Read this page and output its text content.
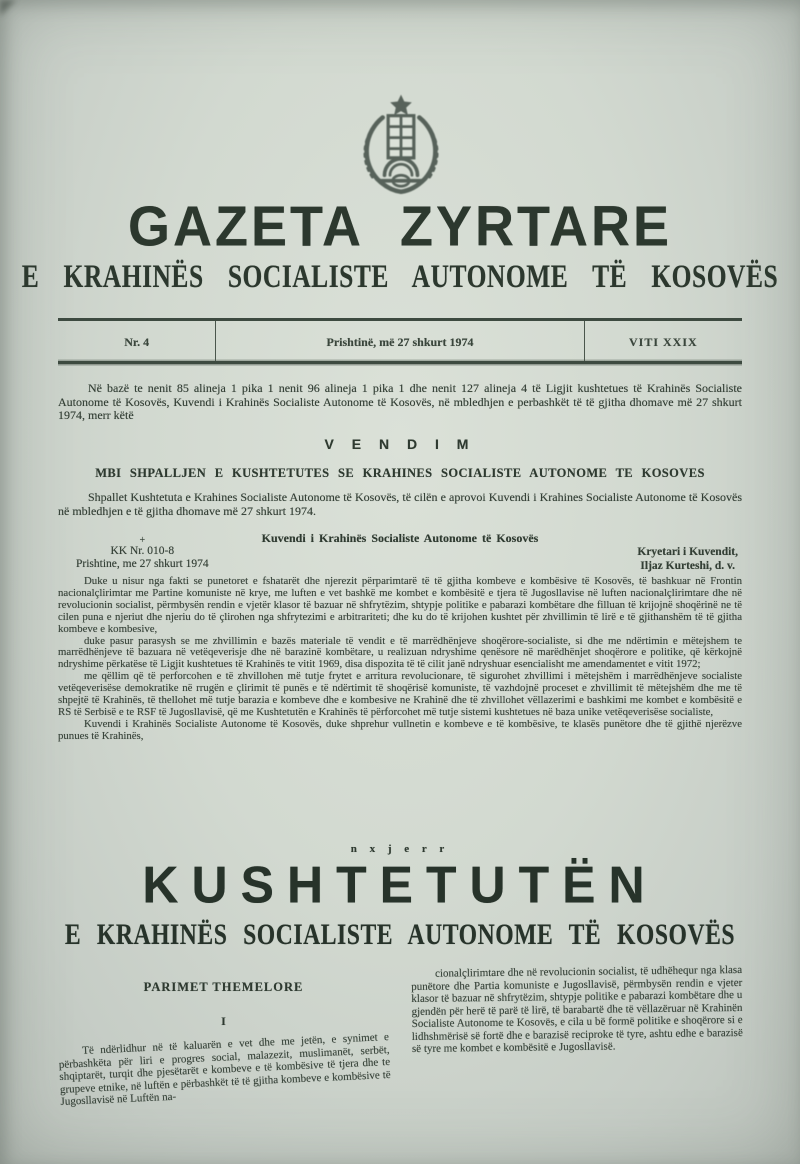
GAZETA ZYRTARE
E KRAHINËS SOCIALISTE AUTONOME TË KOSOVËS
Nr. 4	Prishtinë, më 27 shkurt 1974	VITI XXIX
Në bazë te nenit 85 alineja 1 pika 1 nenit 96 alineja 1 pika 1 dhe nenit 127 alineja 4 të Ligjit kushtetues të Krahinës Socialiste Autonome të Kosovës, Kuvendi i Krahinës Socialiste Autonome të Kosovës, në mbledhjen e perbashkët të të gjitha dhomave më 27 shkurt 1974, merr këtë
V E N D I M
MBI SHPALLJEN E KUSHTETUTES SE KRAHINES SOCIALISTE AUTONOME TE KOSOVES
Shpallet Kushtetuta e Krahines Socialiste Autonome të Kosovës, të cilën e aprovoi Kuvendi i Krahines Socialiste Autonome të Kosovës në mbledhjen e të gjitha dhomave më 27 shkurt 1974.
Kuvendi i Krahinës Socialiste Autonome të Kosovës
+
KK Nr. 010-8
Prishtine, me 27 shkurt 1974
Kryetari i Kuvendit,
Iljaz Kurteshi, d. v.

Duke u nisur nga fakti se punetoret e fshatarët dhe njerezit përparimtarë të të gjitha kombeve e kombësive të Kosovës, të bashkuar në Frontin nacionalçlirimtar me Partine komuniste në krye, me luften e vet bashkë me kombet e kombësitë e tjera të Jugosllavise në luften nacionalçlirimtare dhe në revolucionin socialist, përmbysën rendin e vjetër klasor të bazuar në shfrytëzim, shtypje politike e pabarazi kombëtare dhe filluan të krijojnë shoqërinë ne të cilen puna e njeriut dhe njeriu do të çlirohen nga shfrytezimi e arbitrariteti; dhe ku do të krijohen kushtet për zhvillimin të lirë e të gjithanshëm të të gjitha kombeve e kombesive,

duke pasur parasysh se me zhvillimin e bazës materiale të vendit e të marrëdhënjeve shoqërore-socialiste, si dhe me ndërtimin e mëtejshem te marrëdhënjeve të bazuara në vetëqeverisje dhe në barazinë kombëtare, u realizuan ndryshime qenësore në marëdhënjet shoqërore e politike, që kërkojnë ndryshime përkatëse të Ligjit kushtetues të Krahinës te vitit 1969, disa dispozita të të cilit janë ndryshuar esencialisht me amendamentet e vitit 1972;

me qëllim që të perforcohen e të zhvillohen më tutje frytet e arritura revolucionare, të sigurohet zhvillimi i mëtejshëm i marrëdhënjeve socialiste vetëqeverisëse demokratike në rrugën e çlirimit të punës e të ndërtimit të shoqërisë komuniste, të vazhdojnë proceset e zhvillimit të mëtejshëm dhe me të shpejtë të Krahinës, të thellohet më tutje barazia e kombeve dhe e kombesive ne Krahinë dhe të zhvillohet vëllazerimi e bashkimi me kombet e kombësitë e RS të Serbisë e te RSF të Jugosllavisë, që me Kushtetutën e Krahinës të përforcohet më tutje sistemi kushtetues në baza unike vetëqeverisëse socialiste,

Kuvendi i Krahinës Socialiste Autonome të Kosovës, duke shprehur vullnetin e kombeve e të kombësive, te klasës punëtore dhe të gjithë njerëzve punues të Krahinës,

n x j e r r
KUSHTETUTËN
E KRAHINËS SOCIALISTE AUTONOME TË KOSOVËS
PARIMET THEMELORE
I

Të ndërlidhur në të kaluarën e vet dhe me jetën, e synimet e përbashkëta për liri e progres social, malazezit, muslimanët, serbët, shqiptarët, turqit dhe pjesëtarët e kombeve e të kombësive të tjera dhe te grupeve etnike, në luftën e përbashkët të të gjitha kombeve e kombësive të Jugosllavisë në Luftën na-

cionalçlirimtare dhe në revolucionin socialist, të udhëhequr nga klasa punëtore dhe Partia komuniste e Jugosllavisë, përmbysën rendin e vjeter klasor të bazuar në shfrytëzim, shtypje politike e pabarazi kombëtare dhe u gjendën për herë të parë të lirë, të barabartë dhe të vëllazëruar në Krahinën Socialiste Autonome te Kosovës, e cila u bë formë politike e shoqërore si e lidhshmërisë së fortë dhe e barazisë reciproke të tyre, ashtu edhe e barazisë së tyre me kombet e kombësitë e Jugosllavisë.
